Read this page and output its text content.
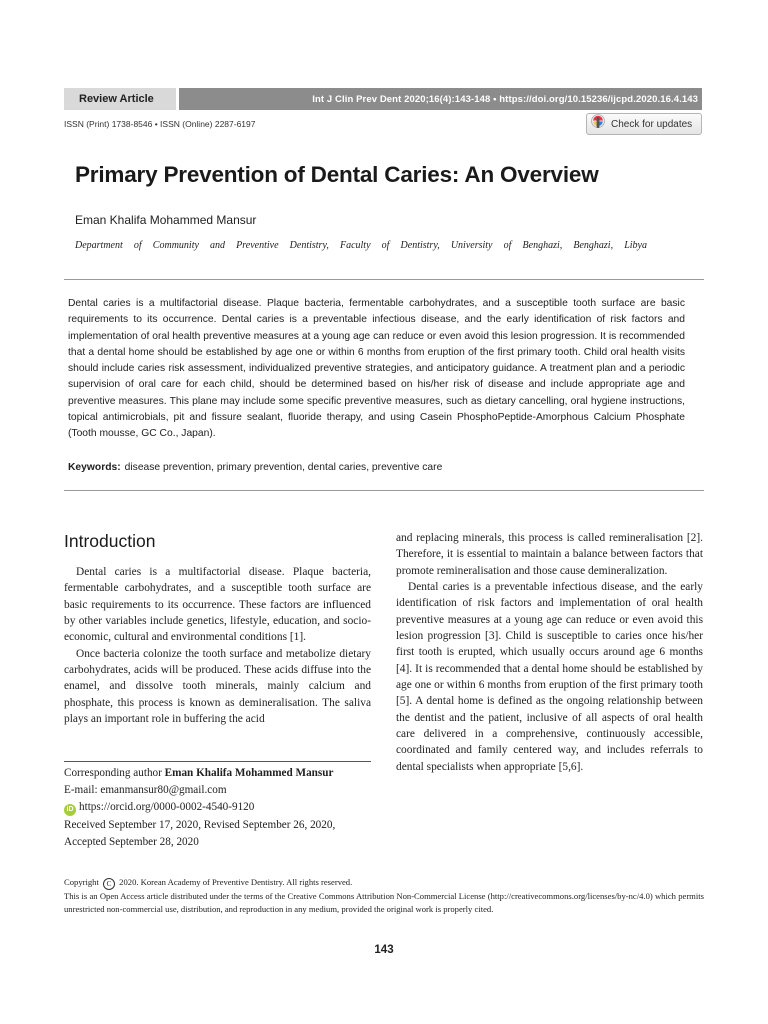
Review Article	Int J Clin Prev Dent 2020;16(4):143-148 • https://doi.org/10.15236/ijcpd.2020.16.4.143
ISSN (Print) 1738-8546 • ISSN (Online) 2287-6197	Check for updates
Primary Prevention of Dental Caries: An Overview
Eman Khalifa Mohammed Mansur
Department of Community and Preventive Dentistry, Faculty of Dentistry, University of Benghazi, Benghazi, Libya

Dental caries is a multifactorial disease. Plaque bacteria, fermentable carbohydrates, and a susceptible tooth surface are basic requirements to its occurrence. Dental caries is a preventable infectious disease, and the early identification of risk factors and implementation of oral health preventive measures at a young age can reduce or even avoid this lesion progression. It is recommended that a dental home should be established by age one or within 6 months from eruption of the first primary tooth. Child oral health visits should include caries risk assessment, individualized preventive strategies, and anticipatory guidance. A treatment plan and a periodic supervision of oral care for each child, should be determined based on his/her risk of disease and include appropriate age and preventive measures. This plane may include some specific preventive measures, such as dietary cancelling, oral hygiene instructions, topical antimicrobials, pit and fissure sealant, fluoride therapy, and using Casein PhosphoPeptide-Amorphous Calcium Phosphate (Tooth mousse, GC Co., Japan).

Keywords: disease prevention, primary prevention, dental caries, preventive care
Introduction

Dental caries is a multifactorial disease. Plaque bacteria, fermentable carbohydrates, and a susceptible tooth surface are basic requirements to its occurrence. These factors are influenced by other variables include genetics, lifestyle, education, and socio-economic, cultural and environmental conditions [1].

Once bacteria colonize the tooth surface and metabolize dietary carbohydrates, acids will be produced. These acids diffuse into the enamel, and dissolve tooth minerals, mainly calcium and phosphate, this process is known as demineralisation. The saliva plays an important role in buffering the acid

and replacing minerals, this process is called remineralisation [2]. Therefore, it is essential to maintain a balance between factors that promote remineralisation and those cause demineralization.

Dental caries is a preventable infectious disease, and the early identification of risk factors and implementation of oral health preventive measures at a young age can reduce or even avoid this lesion progression [3]. Child is susceptible to caries once his/her first tooth is erupted, which usually occurs around age 6 months [4]. It is recommended that a dental home should be established by age one or within 6 months from eruption of the first primary tooth [5]. A dental home is defined as the ongoing relationship between the dentist and the patient, inclusive of all aspects of oral health care delivered in a comprehensive, continuously accessible, coordinated and family centered way, and includes referrals to dental specialists when appropriate [5,6].

Corresponding author Eman Khalifa Mohammed Mansur
E-mail: emanmansur80@gmail.com
iD https://orcid.org/0000-0002-4540-9120
Received September 17, 2020, Revised September 26, 2020,
Accepted September 28, 2020
Copyright C 2020. Korean Academy of Preventive Dentistry. All rights reserved.
This is an Open Access article distributed under the terms of the Creative Commons Attribution Non-Commercial License (http://creativecommons.org/licenses/by-nc/4.0) which permits unrestricted non-commercial use, distribution, and reproduction in any medium, provided the original work is properly cited.
143
